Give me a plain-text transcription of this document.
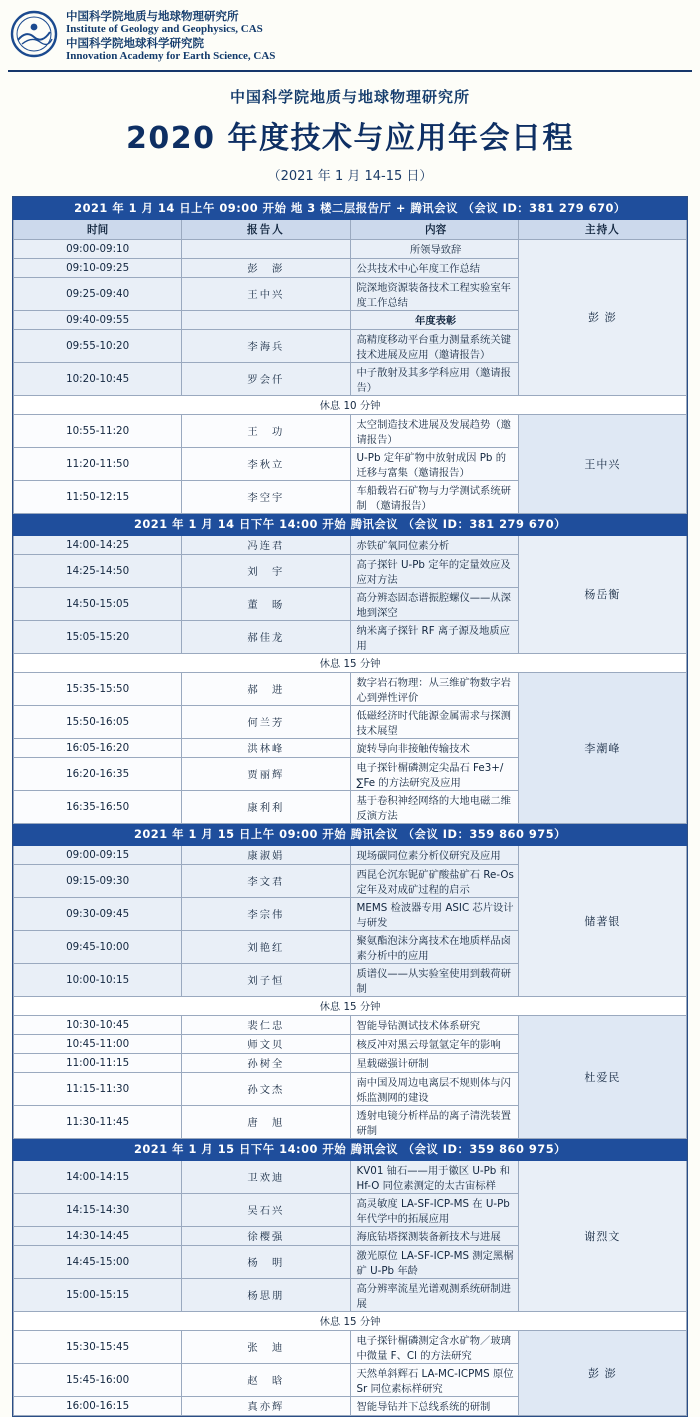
中国科学院地质与地球物理研究所
Institute of Geology and Geophysics, CAS
中国科学院地球科学研究院
Innovation Academy for Earth Science, CAS
中国科学院地质与地球物理研究所
2020 年度技术与应用年会日程
（2021 年 1 月 14-15 日）
2021 年 1 月 14 日上午 09:00 开始 地 3 楼二层报告厅 + 腾讯会议 （会议 ID：381 279 670）			
时间	报告人	内容	主持人
09:00-09:10		所领导致辞	彭 澎
09:10-09:25	彭　澎	公共技术中心年度工作总结	
09:25-09:40	王中兴	院深地资源装备技术工程实验室年度工作总结	
09:40-09:55		年度表彰	
09:55-10:20	李海兵	高精度移动平台重力测量系统关键技术进展及应用（邀请报告）	
10:20-10:45	罗会仟	中子散射及其多学科应用（邀请报告）	
休息 10 分钟			
10:55-11:20	王　功	太空制造技术进展及发展趋势（邀请报告）	王中兴
11:20-11:50	李秋立	U-Pb 定年矿物中放射成因 Pb 的迁移与富集（邀请报告）	
11:50-12:15	李空宇	车船载岩石矿物与力学测试系统研制 （邀请报告）	
2021 年 1 月 14 日下午 14:00 开始 腾讯会议 （会议 ID：381 279 670）			
14:00-14:25	冯连君	赤铁矿氧同位素分析	杨岳衡
14:25-14:50	刘　宇	高子探针 U-Pb 定年的定量效应及应对方法	
14:50-15:05	董　旸	高分辨态固态谱振腔螺仪——从深地到深空	
15:05-15:20	郝佳龙	纳米离子探针 RF 离子源及地质应用	
休息 15 分钟			
15:35-15:50	郝　进	数字岩石物理：从三维矿物数字岩心到弹性评价	李潮峰
15:50-16:05	何兰芳	低磁经济时代能源金属需求与探测技术展望	
16:05-16:20	洪林峰	旋转导向非接触传输技术	
16:20-16:35	贾丽辉	电子探针榍磷测定尖晶石 Fe3+/∑Fe 的方法研究及应用	
16:35-16:50	康利利	基于卷积神经网络的大地电磁二维反演方法	
2021 年 1 月 15 日上午 09:00 开始 腾讯会议 （会议 ID：359 860 975）			
09:00-09:15	康淑娟	现场碳同位素分析仪研究及应用	储著银
09:15-09:30	李文君	西昆仑沉东铌矿矿酸盐矿石 Re-Os 定年及对成矿过程的启示	
09:30-09:45	李宗伟	MEMS 检波器专用 ASIC 芯片设计与研发	
09:45-10:00	刘艳红	聚氨酯泡沫分离技术在地质样品卤素分析中的应用	
10:00-10:15	刘子恒	质谱仪——从实验室使用到载荷研制	
休息 15 分钟			
10:30-10:45	裴仁忠	智能导钻测试技术体系研究	杜爱民
10:45-11:00	师文贝	核反冲对黑云母氩氩定年的影响	
11:00-11:15	孙树全	星载磁强计研制	
11:15-11:30	孙文杰	南中国及周边电离层不规则体与闪烁监测网的建设	
11:30-11:45	唐　旭	透射电镜分析样品的离子清洗装置研制	
2021 年 1 月 15 日下午 14:00 开始 腾讯会议 （会议 ID：359 860 975）			
14:00-14:15	卫欢迪	KV01 铀石——用于徽区 U-Pb 和 Hf-O 同位素测定的太古宙标样	谢烈文
14:15-14:30	吴石兴	高灵敏度 LA-SF-ICP-MS 在 U-Pb 年代学中的拓展应用	
14:30-14:45	徐樱强	海底钻塔探测装备新技术与进展	
14:45-15:00	杨　明	激光原位 LA-SF-ICP-MS 测定黑榍矿 U-Pb 年龄	
15:00-15:15	杨思朋	高分辨率流星光谱观测系统研制进展	
休息 15 分钟			
15:30-15:45	张　迪	电子探针榍磷测定含水矿物／玻璃中微量 F、Cl 的方法研究	彭 澎
15:45-16:00	赵　晗	天然单斜辉石 LA-MC-ICPMS 原位 Sr 同位素标样研究	
16:00-16:15	真亦辉	智能导钻并下总线系统的研制	
